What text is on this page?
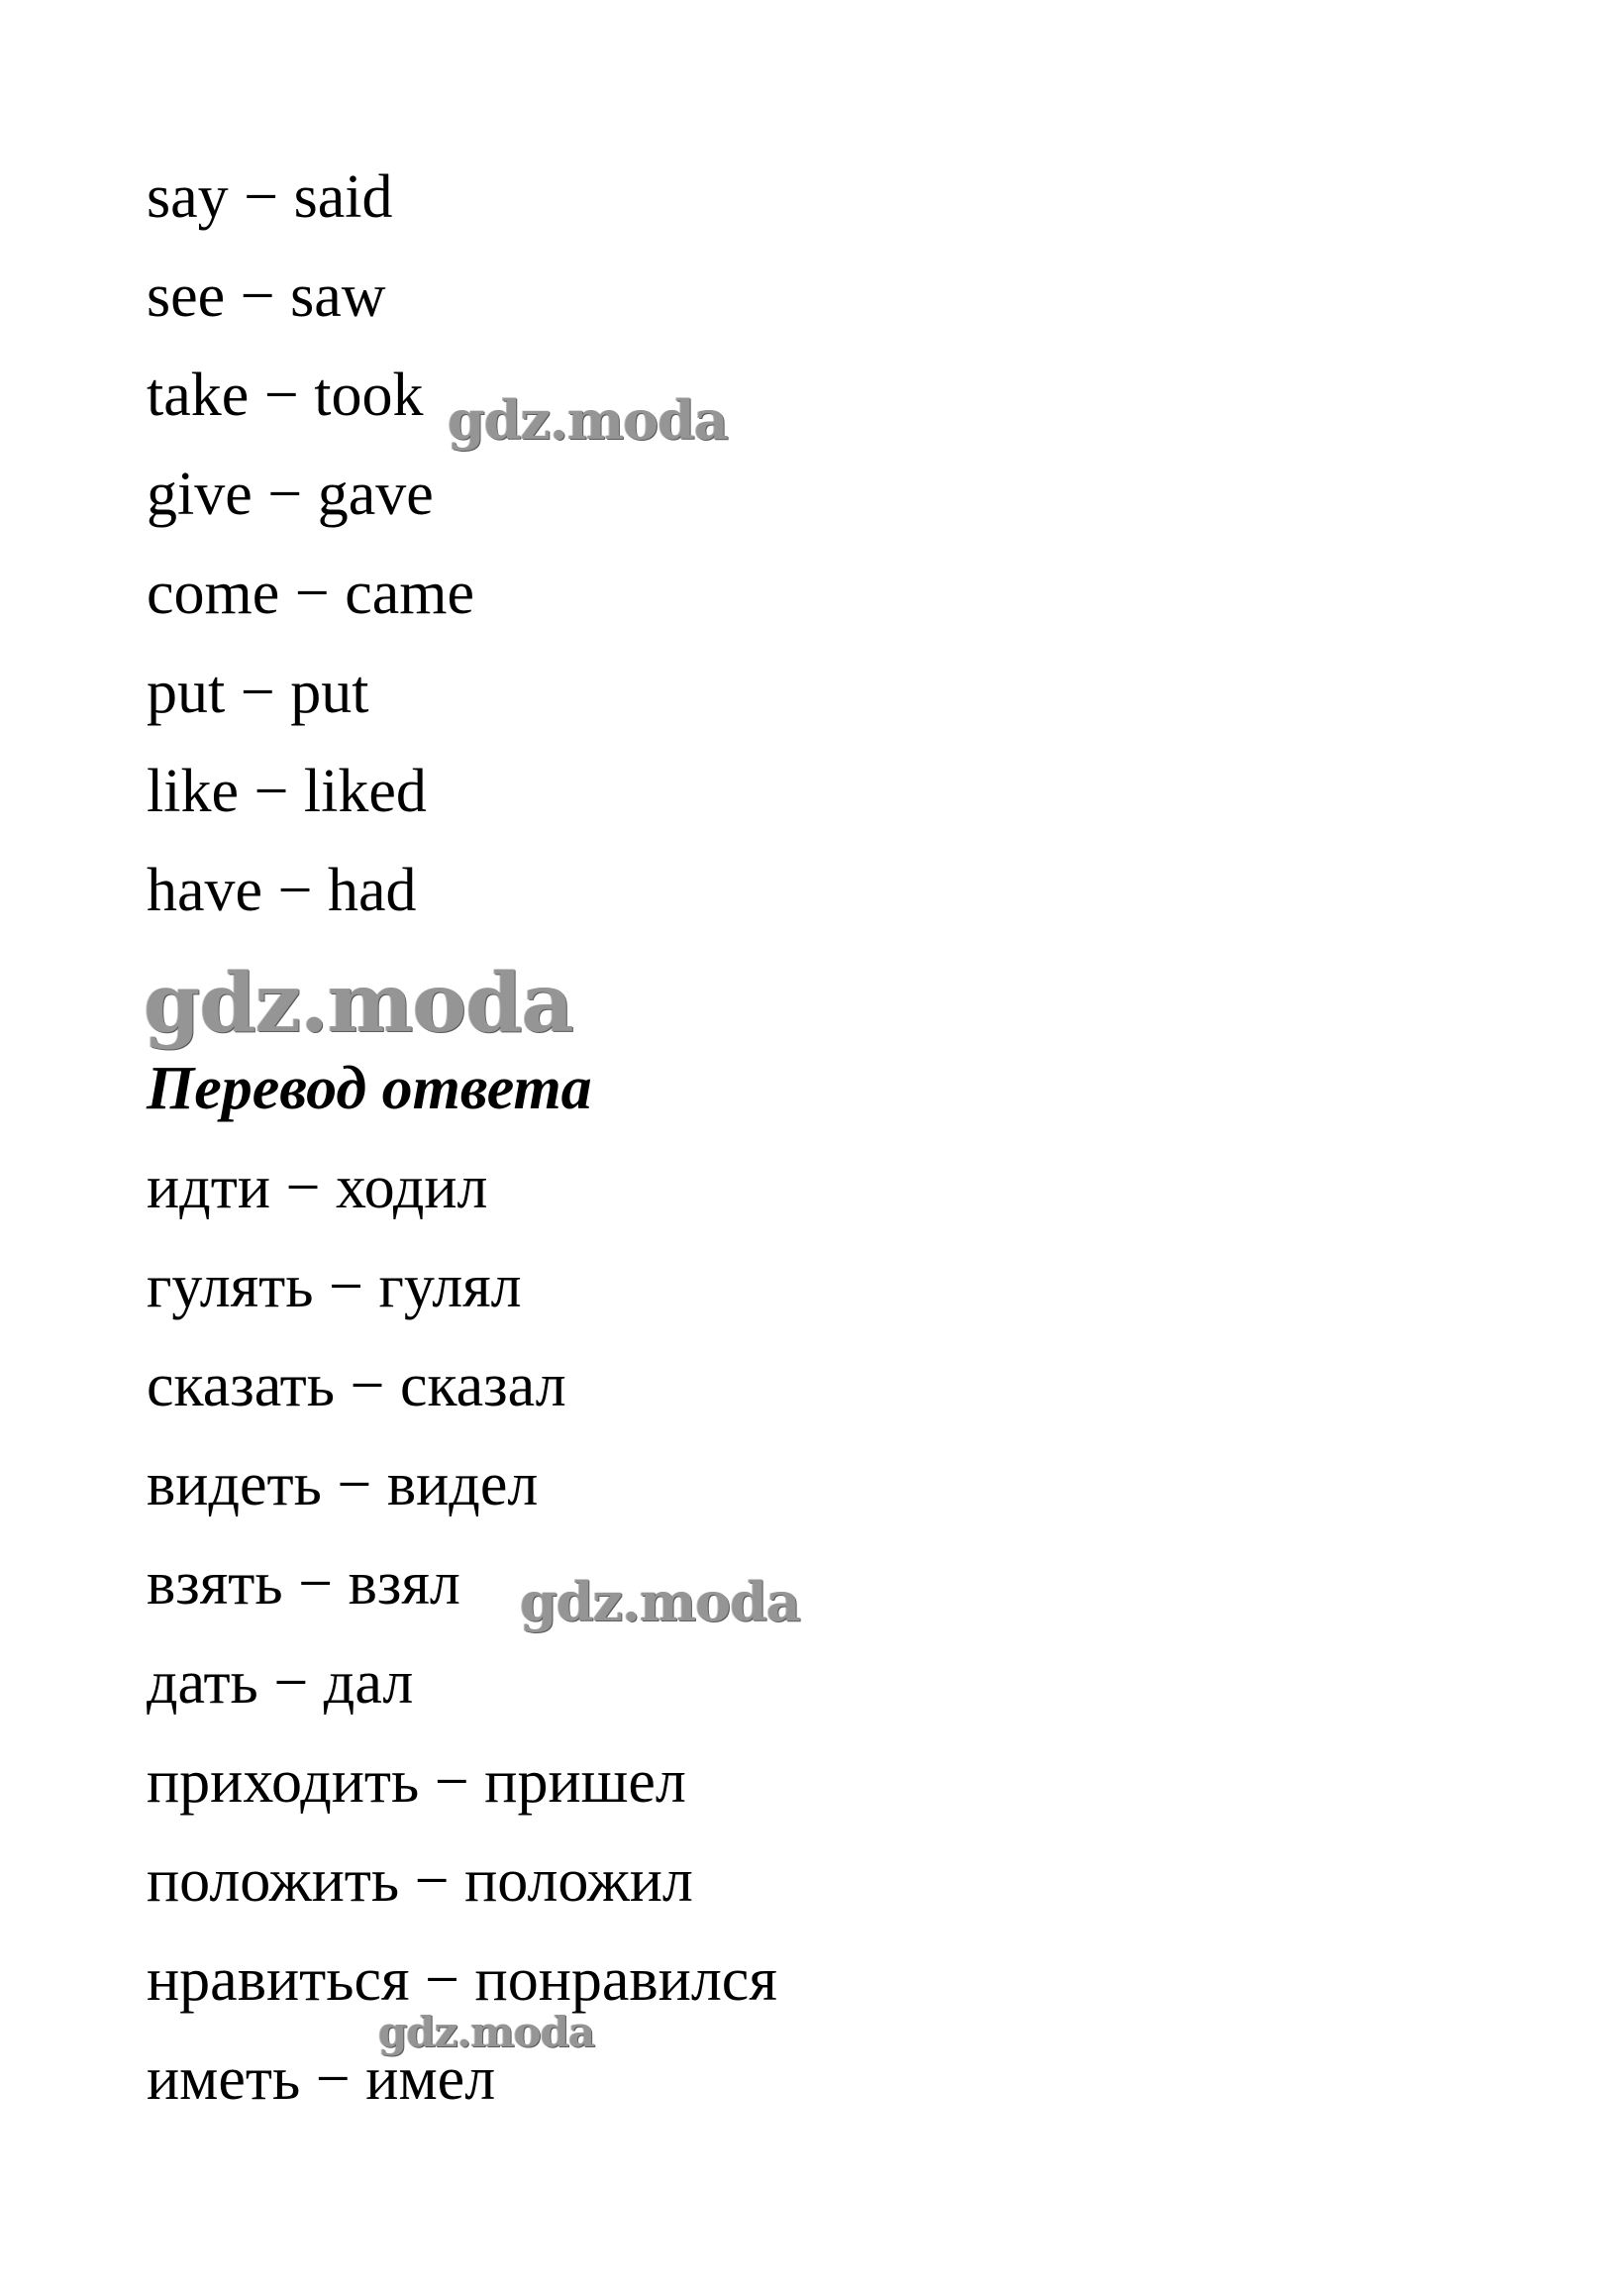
say − said
see − saw
take − took
give − gave
come − came
put − put
like − liked
have − had
Перевод ответа
идти − ходил
гулять − гулял
сказать − сказал
видеть − видел
взять − взял
дать − дал
приходить − пришел
положить − положил
нравиться − понравился
иметь − имел
gdz.moda
gdz.moda
gdz.moda
gdz.moda
